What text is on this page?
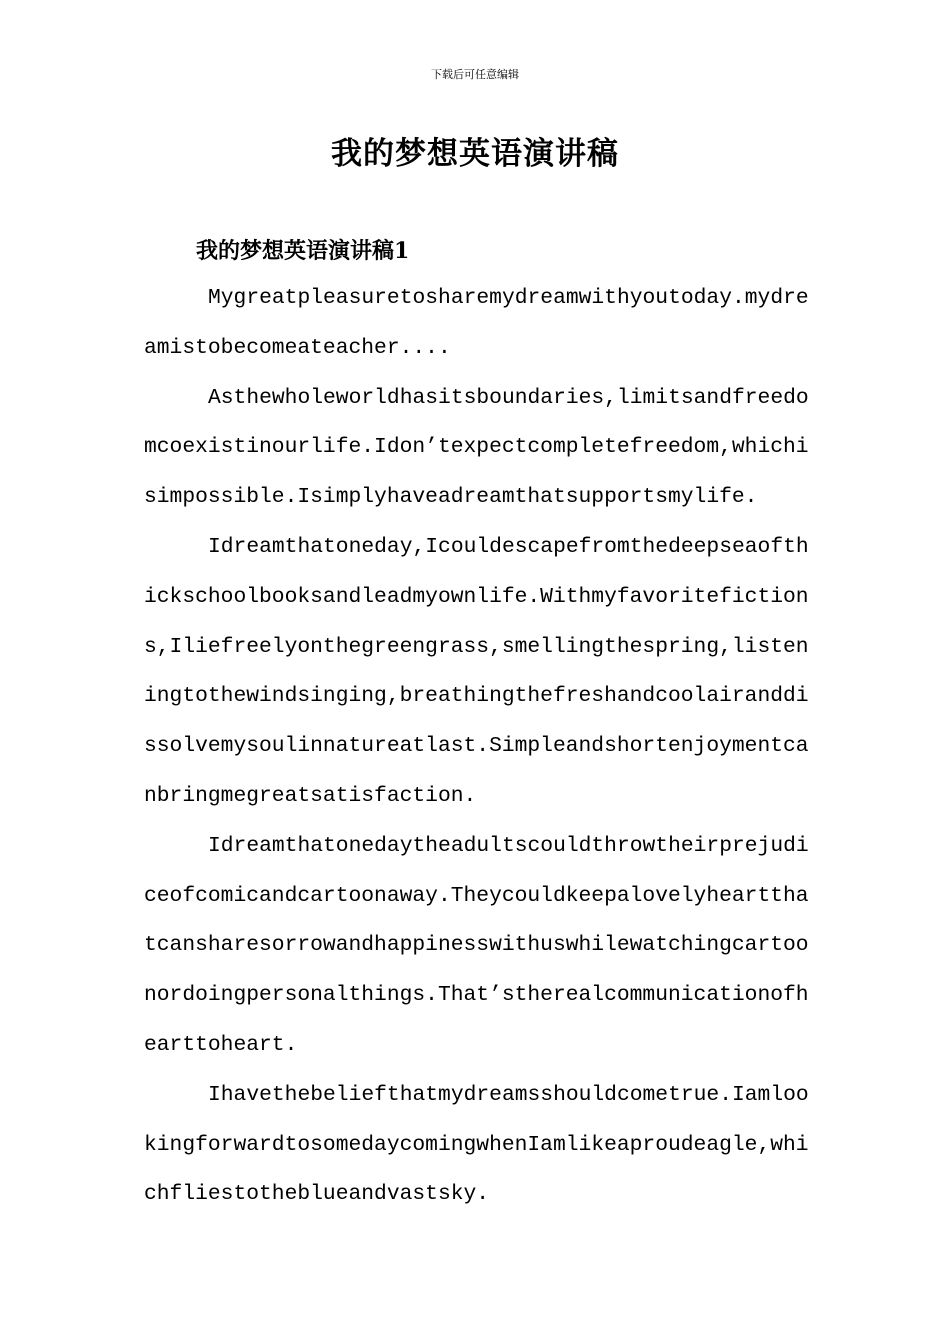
下载后可任意编辑
我的梦想英语演讲稿
我的梦想英语演讲稿1

Mygreatpleasuretosharemydreamwithyoutoday.mydreamistobecomeateacher....

Asthewholeworldhasitsboundaries,limitsandfreedomcoexistinourlife.Idon’texpectcompletefreedom,whichisimpossible.Isimplyhaveadreamthatsupportsmylife.

Idreamthatoneday,Icouldescapefromthedeepseaofthickschoolbooksandleadmyownlife.Withmyfavoritefictions,Iliefreelyonthegreengrass,smellingthespring,listeningtothewindsinging,breathingthefreshandcoolairanddissolvemysoulinnatureatlast.Simpleandshortenjoymentcanbringmegreatsatisfaction.

Idreamthatonedaytheadultscouldthrowtheirprejudiceofcomicandcartoonaway.Theycouldkeepalovelyheartthatcansharesorrowandhappinesswithuswhilewatchingcartoonordoingpersonalthings.That’stherealcommunicationofhearttoheart.

Ihavethebeliefthatmydreamsshouldcometrue.IamlookingforwardtosomedaycomingwhenIamlikeaproudeagle,whichfliestotheblueandvastsky.
